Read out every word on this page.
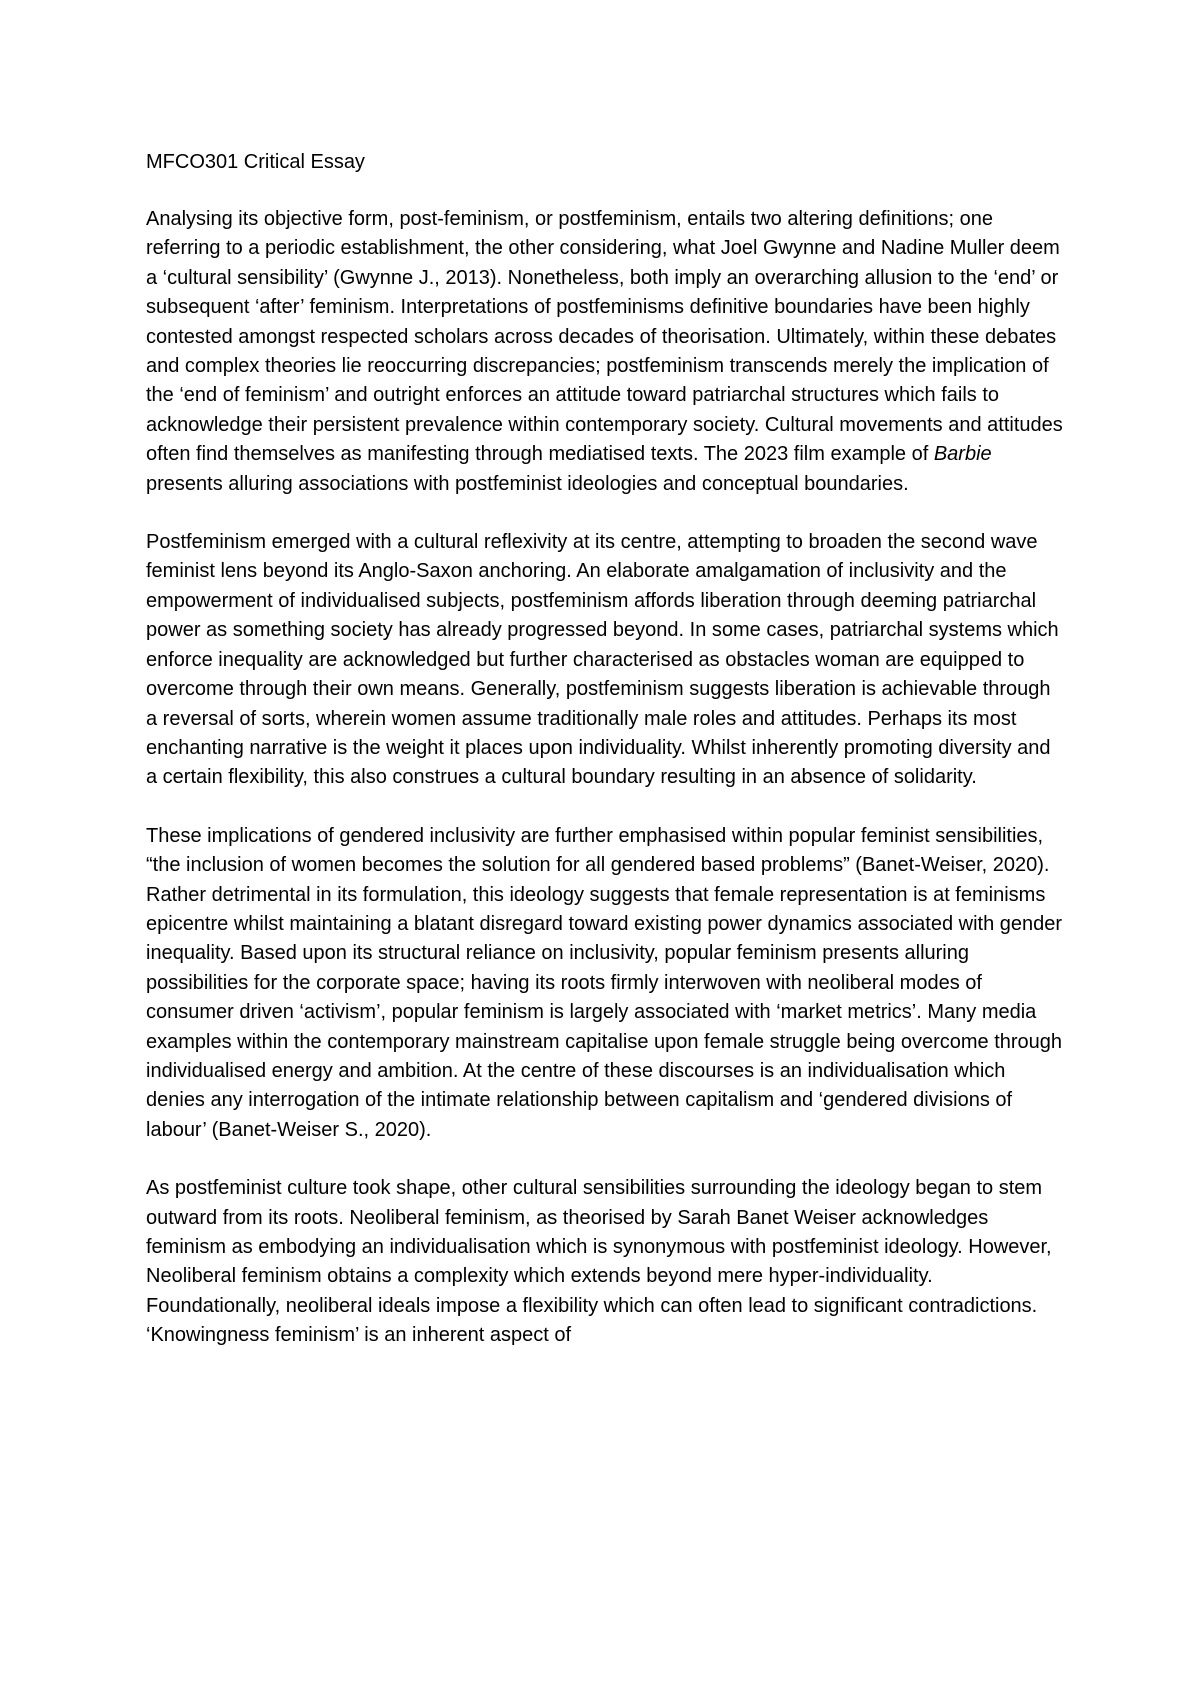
MFCO301 Critical Essay

Analysing its objective form, post-feminism, or postfeminism, entails two altering definitions; one referring to a periodic establishment, the other considering, what Joel Gwynne and Nadine Muller deem a ‘cultural sensibility’ (Gwynne J., 2013). Nonetheless, both imply an overarching allusion to the ‘end’ or subsequent ‘after’ feminism. Interpretations of postfeminisms definitive boundaries have been highly contested amongst respected scholars across decades of theorisation. Ultimately, within these debates and complex theories lie reoccurring discrepancies; postfeminism transcends merely the implication of the ‘end of feminism’ and outright enforces an attitude toward patriarchal structures which fails to acknowledge their persistent prevalence within contemporary society. Cultural movements and attitudes often find themselves as manifesting through mediatised texts. The 2023 film example of Barbie presents alluring associations with postfeminist ideologies and conceptual boundaries.

Postfeminism emerged with a cultural reflexivity at its centre, attempting to broaden the second wave feminist lens beyond its Anglo-Saxon anchoring. An elaborate amalgamation of inclusivity and the empowerment of individualised subjects, postfeminism affords liberation through deeming patriarchal power as something society has already progressed beyond. In some cases, patriarchal systems which enforce inequality are acknowledged but further characterised as obstacles woman are equipped to overcome through their own means. Generally, postfeminism suggests liberation is achievable through a reversal of sorts, wherein women assume traditionally male roles and attitudes. Perhaps its most enchanting narrative is the weight it places upon individuality. Whilst inherently promoting diversity and a certain flexibility, this also construes a cultural boundary resulting in an absence of solidarity.

These implications of gendered inclusivity are further emphasised within popular feminist sensibilities, “the inclusion of women becomes the solution for all gendered based problems” (Banet-Weiser, 2020). Rather detrimental in its formulation, this ideology suggests that female representation is at feminisms epicentre whilst maintaining a blatant disregard toward existing power dynamics associated with gender inequality. Based upon its structural reliance on inclusivity, popular feminism presents alluring possibilities for the corporate space; having its roots firmly interwoven with neoliberal modes of consumer driven ‘activism’, popular feminism is largely associated with ‘market metrics’. Many media examples within the contemporary mainstream capitalise upon female struggle being overcome through individualised energy and ambition. At the centre of these discourses is an individualisation which denies any interrogation of the intimate relationship between capitalism and ‘gendered divisions of labour’ (Banet-Weiser S., 2020).

As postfeminist culture took shape, other cultural sensibilities surrounding the ideology began to stem outward from its roots. Neoliberal feminism, as theorised by Sarah Banet Weiser acknowledges feminism as embodying an individualisation which is synonymous with postfeminist ideology. However, Neoliberal feminism obtains a complexity which extends beyond mere hyper-individuality. Foundationally, neoliberal ideals impose a flexibility which can often lead to significant contradictions. ‘Knowingness feminism’ is an inherent aspect of
